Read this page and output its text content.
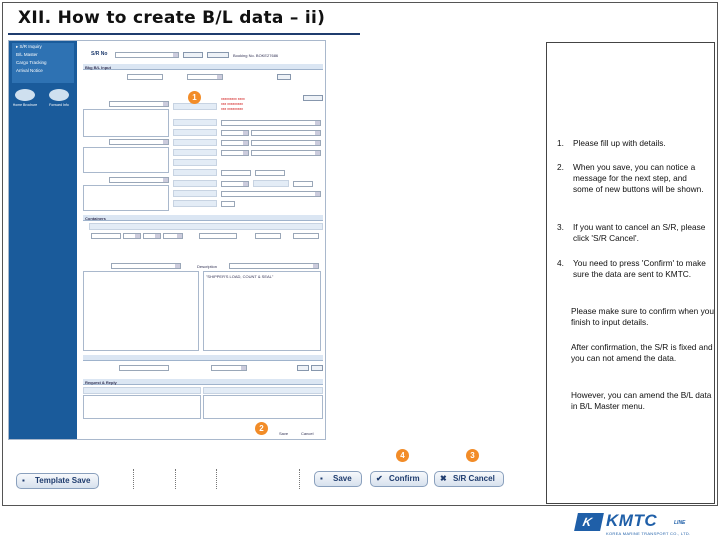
XII. How to create B/L data – ii)
▸ S/R Inquiry
B/L Master
Cargo Tracking
Arrival Notice
Home Brochure	Forward Info
S/R No	Booking No. BOKE27686
Bkg B/L Input
xxxxxxxxx xxxx
xxx xxxxxxxxx
xxx xxxxxxxxx
Containers
Description
"SHIPPER'S LOAD, COUNT & SEAL"
Request & Reply
Save	Cancel
1
2
4	3
▪	Template Save	▪	Save	✔ Confirm	✖ S/R Cancel
1.	Please fill up with details.
2.	When you save, you can notice a message for the next step, and some of new buttons will be shown.
3.	If you want to cancel an S/R, please click 'S/R Cancel'.
4.	You need to press 'Confirm' to make sure the data are sent to KMTC.
Please make sure to confirm when you finish to input details.
After confirmation, the S/R is fixed and you can not amend the data.
However, you can amend the B/L data in B/L Master menu.
K KMTC	LINE
KOREA MARINE TRANSPORT CO., LTD.
